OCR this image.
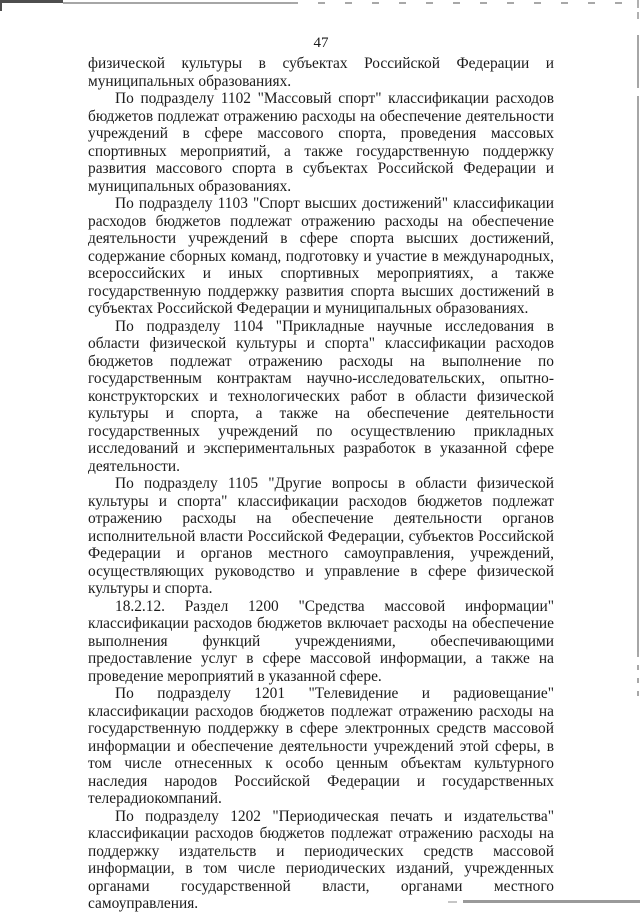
47

физической культуры в субъектах Российской Федерации и муниципальных образованиях.

По подразделу 1102 "Массовый спорт" классификации расходов бюджетов подлежат отражению расходы на обеспечение деятельности учреждений в сфере массового спорта, проведения массовых спортивных мероприятий, а также государственную поддержку развития массового спорта в субъектах Российской Федерации и муниципальных образованиях.

По подразделу 1103 "Спорт высших достижений" классификации расходов бюджетов подлежат отражению расходы на обеспечение деятельности учреждений в сфере спорта высших достижений, содержание сборных команд, подготовку и участие в международных, всероссийских и иных спортивных мероприятиях, а также государственную поддержку развития спорта высших достижений в субъектах Российской Федерации и муниципальных образованиях.

По подразделу 1104 "Прикладные научные исследования в области физической культуры и спорта" классификации расходов бюджетов подлежат отражению расходы на выполнение по государственным контрактам научно-исследовательских, опытно-конструкторских и технологических работ в области физической культуры и спорта, а также на обеспечение деятельности государственных учреждений по осуществлению прикладных исследований и экспериментальных разработок в указанной сфере деятельности.

По подразделу 1105 "Другие вопросы в области физической культуры и спорта" классификации расходов бюджетов подлежат отражению расходы на обеспечение деятельности органов исполнительной власти Российской Федерации, субъектов Российской Федерации и органов местного самоуправления, учреждений, осуществляющих руководство и управление в сфере физической культуры и спорта.

18.2.12. Раздел 1200 "Средства массовой информации" классификации расходов бюджетов включает расходы на обеспечение выполнения функций учреждениями, обеспечивающими предоставление услуг в сфере массовой информации, а также на проведение мероприятий в указанной сфере.

По подразделу 1201 "Телевидение и радиовещание" классификации расходов бюджетов подлежат отражению расходы на государственную поддержку в сфере электронных средств массовой информации и обеспечение деятельности учреждений этой сферы, в том числе отнесенных к особо ценным объектам культурного наследия народов Российской Федерации и государственных телерадиокомпаний.

По подразделу 1202 "Периодическая печать и издательства" классификации расходов бюджетов подлежат отражению расходы на поддержку издательств и периодических средств массовой информации, в том числе периодических изданий, учрежденных органами государственной власти, органами местного самоуправления.
